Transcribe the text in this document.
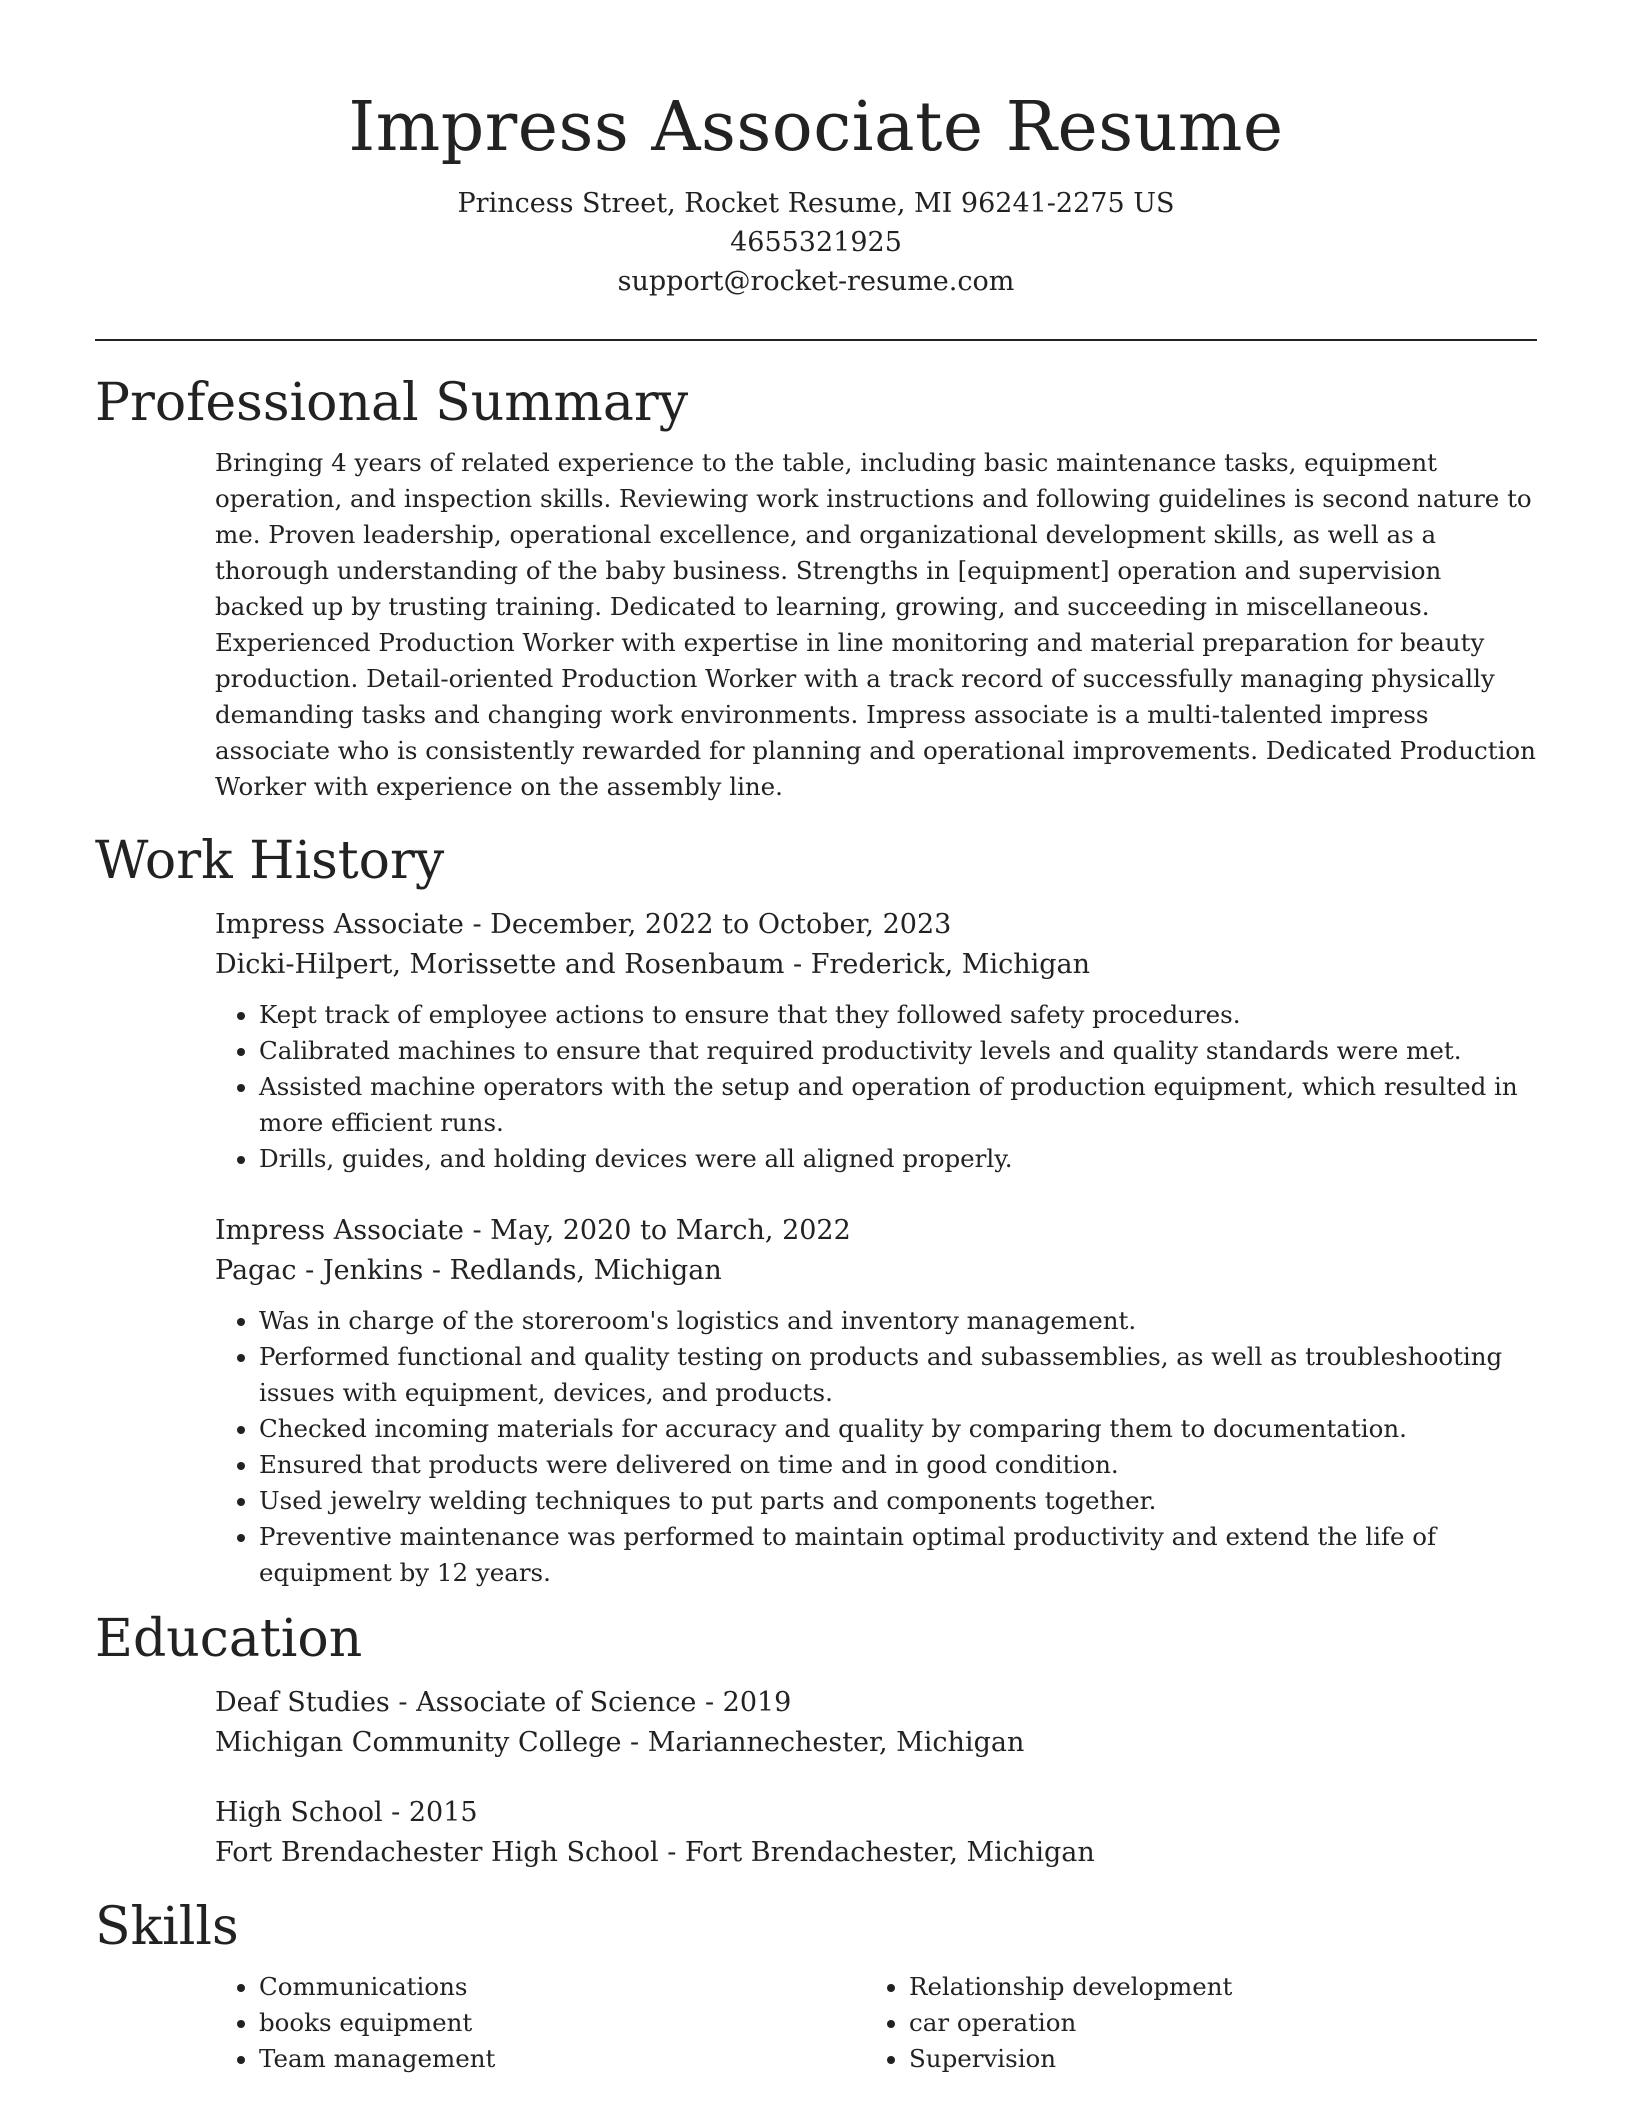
Impress Associate Resume
Princess Street, Rocket Resume, MI 96241-2275 US
4655321925
support@rocket-resume.com
Professional Summary

Bringing 4 years of related experience to the table, including basic maintenance tasks, equipment operation, and inspection skills. Reviewing work instructions and following guidelines is second nature to me. Proven leadership, operational excellence, and organizational development skills, as well as a thorough understanding of the baby business. Strengths in [equipment] operation and supervision backed up by trusting training. Dedicated to learning, growing, and succeeding in miscellaneous. Experienced Production Worker with expertise in line monitoring and material preparation for beauty production. Detail-oriented Production Worker with a track record of successfully managing physically demanding tasks and changing work environments. Impress associate is a multi-talented impress associate who is consistently rewarded for planning and operational improvements. Dedicated Production Worker with experience on the assembly line.

Work History
Impress Associate - December, 2022 to October, 2023
Dicki-Hilpert, Morissette and Rosenbaum - Frederick, Michigan
• Kept track of employee actions to ensure that they followed safety procedures.
• Calibrated machines to ensure that required productivity levels and quality standards were met.
• Assisted machine operators with the setup and operation of production equipment, which resulted in more efficient runs.
• Drills, guides, and holding devices were all aligned properly.
Impress Associate - May, 2020 to March, 2022
Pagac - Jenkins - Redlands, Michigan
• Was in charge of the storeroom's logistics and inventory management.
• Performed functional and quality testing on products and subassemblies, as well as troubleshooting issues with equipment, devices, and products.
• Checked incoming materials for accuracy and quality by comparing them to documentation.
• Ensured that products were delivered on time and in good condition.
• Used jewelry welding techniques to put parts and components together.
• Preventive maintenance was performed to maintain optimal productivity and extend the life of equipment by 12 years.
Education
Deaf Studies - Associate of Science - 2019
Michigan Community College - Mariannechester, Michigan
High School - 2015
Fort Brendachester High School - Fort Brendachester, Michigan
Skills
• Communications
• books equipment
• Team management
• Relationship development
• car operation
• Supervision
